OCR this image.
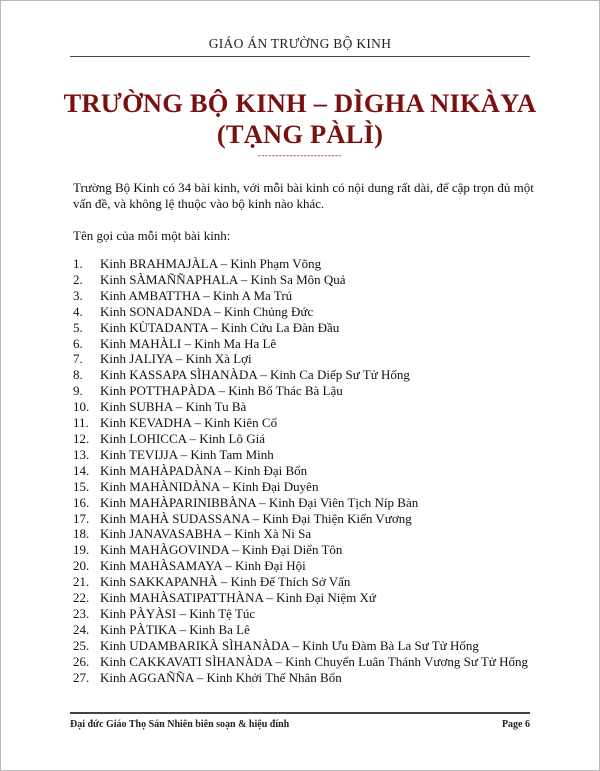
GIÁO ÁN TRƯỜNG BỘ KINH
TRƯỜNG BỘ KINH – DÌGHA NIKÀYA
(TẠNG PÀLÌ)
------------------------
Trường Bộ Kinh có 34 bài kinh, với mỗi bài kinh có nội dung rất dài, để cập trọn đủ một vấn đề, và không lệ thuộc vào bộ kinh nào khác.
Tên gọi của mỗi một bài kinh:
1.	Kinh BRAHMAJÀLA – Kinh Phạm Võng
2.	Kinh SÀMAÑÑAPHALA – Kinh Sa Môn Quả
3.	Kinh AMBATTHA – Kinh A Ma Trú
4.	Kinh SONADANDA – Kinh Chủng Đức
5.	Kinh KÙTADANTA – Kinh Cứu La Đàn Đầu
6.	Kinh MAHÀLI – Kinh Ma Ha Lê
7.	Kinh JALIYA – Kinh Xà Lợi
8.	Kinh KASSAPA SÌHANÀDA – Kinh Ca Diếp Sư Tử Hống
9.	Kinh POTTHAPÀDA – Kinh Bố Thác Bà Lậu
10. Kinh SUBHA – Kinh Tu Bà
11. Kinh KEVADHA – Kinh Kiên Cố
12. Kinh LOHICCA – Kinh Lô Giá
13. Kinh TEVIJJA – Kinh Tam Minh
14. Kinh MAHÀPADÀNA – Kinh Đại Bổn
15. Kinh MAHÀNIDÀNA – Kinh Đại Duyên
16. Kinh MAHÀPARINIBBÀNA – Kinh Đại Viên Tịch Níp Bàn
17. Kinh MAHÀ SUDASSANA – Kinh Đại Thiện Kiến Vương
18. Kinh JANAVASABHA – Kinh Xà Ni Sa
19. Kinh MAHÀGOVINDA – Kinh Đại Diển Tôn
20. Kinh MAHÀSAMAYA – Kinh Đại Hội
21. Kinh SAKKAPANHÀ – Kinh Đế Thích Sở Vấn
22. Kinh MAHÀSATIPATTHÀNA – Kinh Đại Niệm Xứ
23. Kinh PÀYÀSI – Kinh Tệ Túc
24. Kinh PÀTIKA – Kinh Ba Lê
25. Kinh UDAMBARIKÀ SÌHANÀDA – Kinh Ưu Đàm Bà La Sư Tử Hống
26. Kinh CAKKAVATI SÌHANÀDA – Kinh Chuyển Luân Thánh Vương Sư Tử Hống
27. Kinh AGGAÑÑA – Kinh Khởi Thế Nhân Bổn
Đại đức Giáo Thọ Sán Nhiên biên soạn & hiệu đính	Page 6
